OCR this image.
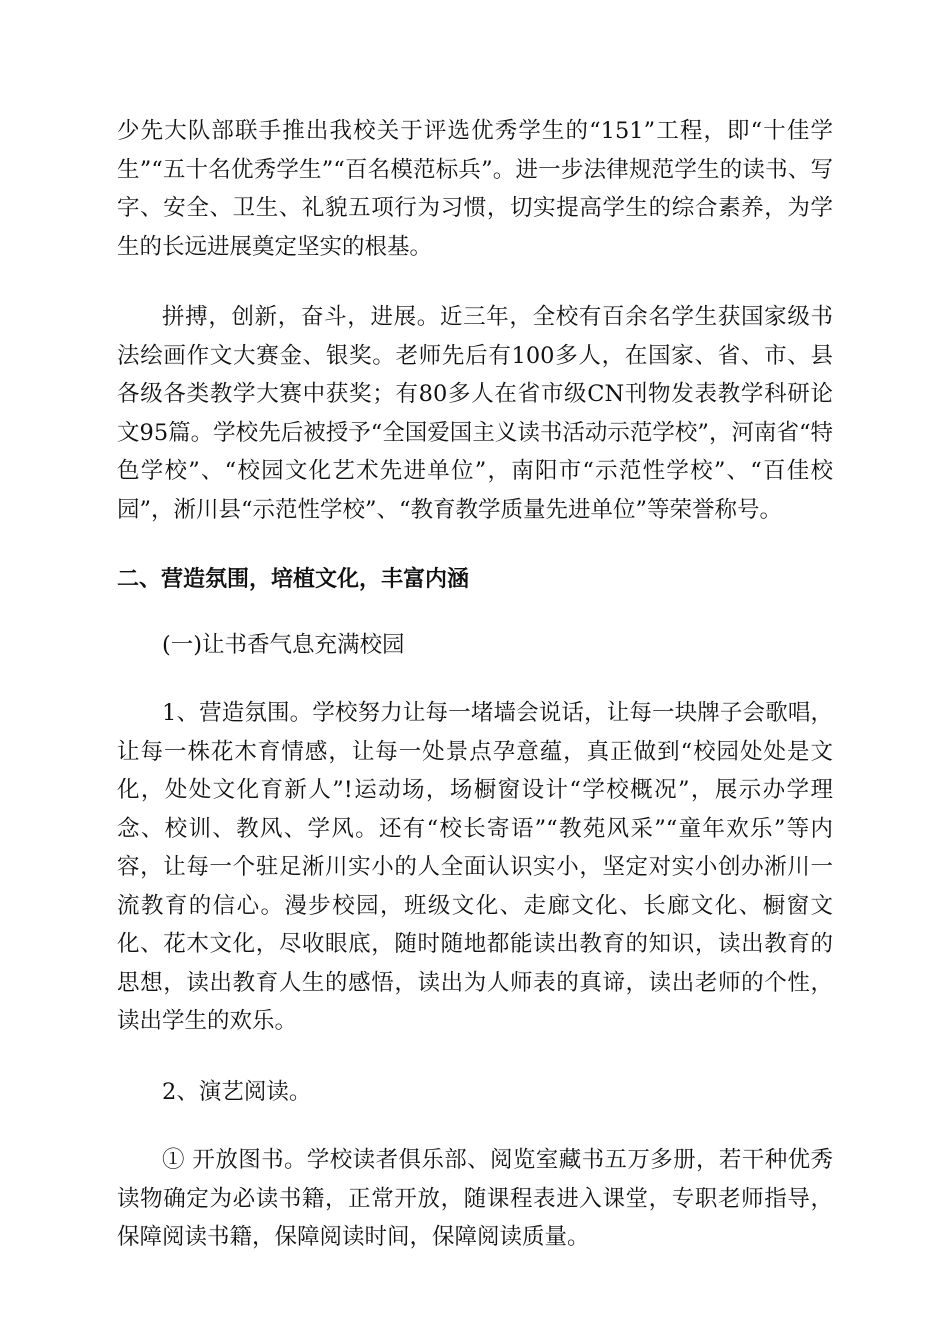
少先大队部联手推出我校关于评选优秀学生的“151”工程，即“十佳学生”“五十名优秀学生”“百名模范标兵”。进一步法律规范学生的读书、写字、安全、卫生、礼貌五项行为习惯，切实提高学生的综合素养，为学生的长远进展奠定坚实的根基。

拼搏，创新，奋斗，进展。近三年，全校有百余名学生获国家级书法绘画作文大赛金、银奖。老师先后有100多人，在国家、省、市、县各级各类教学大赛中获奖；有80多人在省市级CN刊物发表教学科研论文95篇。学校先后被授予“全国爱国主义读书活动示范学校”，河南省“特色学校”、“校园文化艺术先进单位”，南阳市“示范性学校”、“百佳校园”，淅川县“示范性学校”、“教育教学质量先进单位”等荣誉称号。

二、营造氛围，培植文化，丰富内涵

(一)让书香气息充满校园

1、营造氛围。学校努力让每一堵墙会说话，让每一块牌子会歌唱，让每一株花木育情感，让每一处景点孕意蕴，真正做到“校园处处是文化，处处文化育新人”!运动场，场橱窗设计“学校概况”，展示办学理念、校训、教风、学风。还有“校长寄语”“教苑风采”“童年欢乐”等内容，让每一个驻足淅川实小的人全面认识实小，坚定对实小创办淅川一流教育的信心。漫步校园，班级文化、走廊文化、长廊文化、橱窗文化、花木文化，尽收眼底，随时随地都能读出教育的知识，读出教育的思想，读出教育人生的感悟，读出为人师表的真谛，读出老师的个性，读出学生的欢乐。

2、演艺阅读。

① 开放图书。学校读者俱乐部、阅览室藏书五万多册，若干种优秀读物确定为必读书籍，正常开放，随课程表进入课堂，专职老师指导，保障阅读书籍，保障阅读时间，保障阅读质量。
